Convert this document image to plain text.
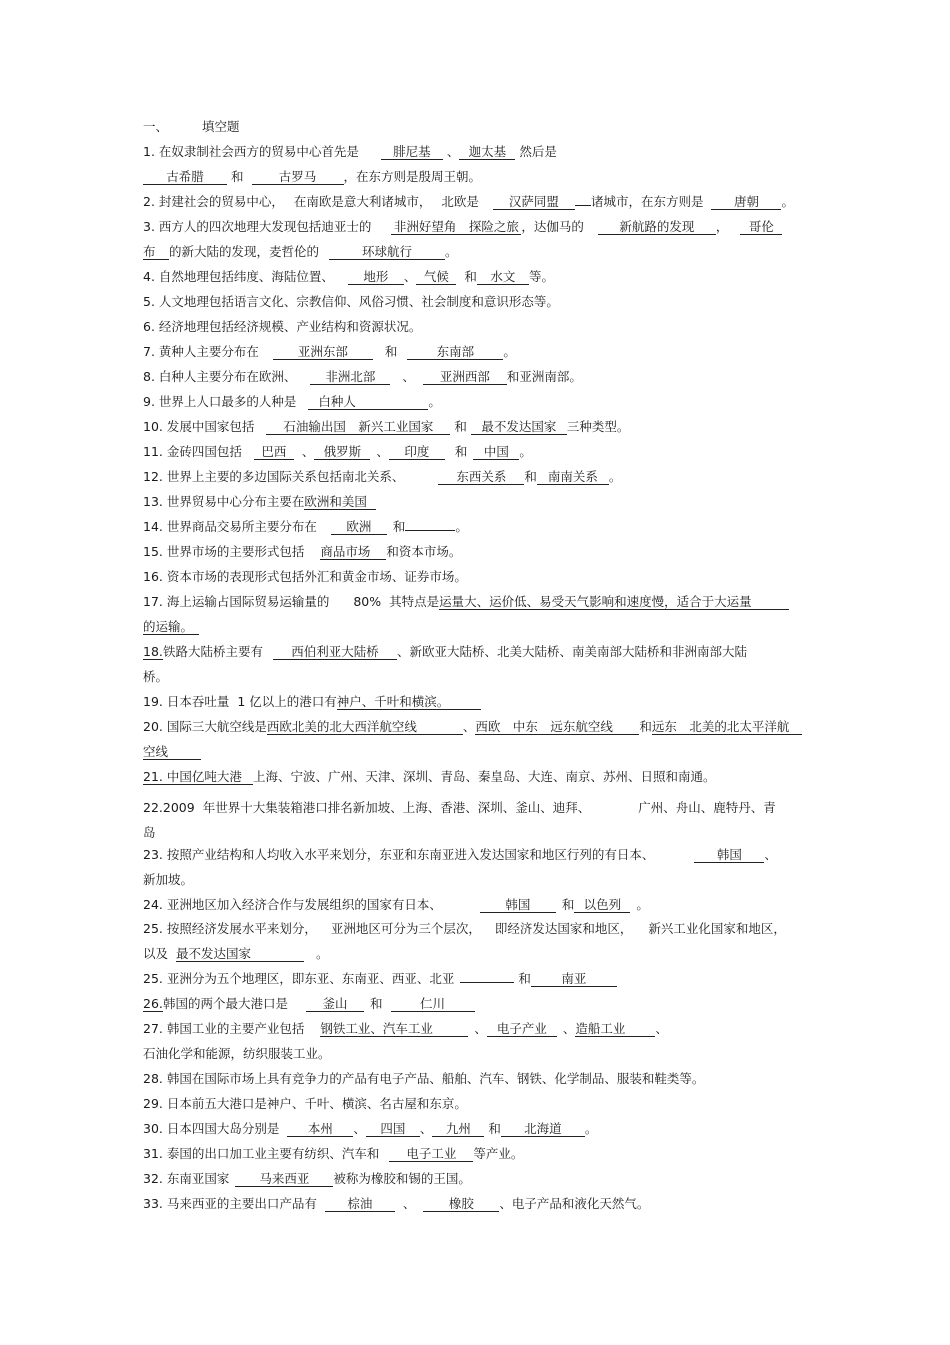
一、	填空题
1. 在奴隶制社会西方的贸易中心首先是	腓尼基 、 迦太基 然后是
古希腊 和	古罗马 ，在东方则是殷周王朝。
2. 封建社会的贸易中心， 在南欧是意大利诸城市， 北欧是 汉萨同盟	诸城市，在东方则是 唐朝 。
3. 西方人的四次地理大发现包括迪亚士的 非洲好望角　探险之旅 ，达伽马的	新航路的发现 ， 哥伦
布 的新大陆的发现，麦哲伦的	环球航行	。
4. 自然地理包括纬度、海陆位置、 地形 、 气候 和 水文 等。
5. 人文地理包括语言文化、宗教信仰、风俗习惯、社会制度和意识形态等。
6. 经济地理包括经济规模、产业结构和资源状况。
7. 黄种人主要分布在	亚洲东部	和	东南部 。
8. 白种人主要分布在欧洲、 非洲北部 、 亚洲西部 和亚洲南部。
9. 世界上人口最多的人种是 白种人	。
10. 发展中国家包括 石油输出国　新兴工业国家 和 最不发达国家 三种类型。
11. 金砖四国包括 巴西 、 俄罗斯 、 印度 和 中国 。
12. 世界上主要的多边国际关系包括南北关系、	东西关系 和 南南关系 。
13. 世界贸易中心分布主要在欧洲和美国
14. 世界商品交易所主要分布在 欧洲 和	。
15. 世界市场的主要形式包括 商品市场 和资本市场。
16. 资本市场的表现形式包括外汇和黄金市场、证券市场。
17. 海上运输占国际贸易运输量的 80% 其特点是运量大、运价低、易受天气影响和速度慢，适合于大运量
的运输。
18.铁路大陆桥主要有 西伯利亚大陆桥 、新欧亚大陆桥、北美大陆桥、南美南部大陆桥和非洲南部大陆
桥。
19. 日本吞吐量 1 亿以上的港口有神户、千叶和横滨。
20. 国际三大航空线是西欧北美的北大西洋航空线	、西欧　中东　远东航空线 和远东　北美的北太平洋航
空线
21. 中国亿吨大港 上海、宁波、广州、天津、深圳、青岛、秦皇岛、大连、南京、苏州、日照和南通。
22.2009 年世界十大集装箱港口排名新加坡、上海、香港、深圳、釜山、迪拜、	广州、舟山、鹿特丹、青
岛
23. 按照产业结构和人均收入水平来划分，东亚和东南亚进入发达国家和地区行列的有日本、	韩国 、
新加坡。
24. 亚洲地区加入经济合作与发展组织的国家有日本、	韩国	和 以色列 。
25. 按照经济发展水平来划分， 亚洲地区可分为三个层次， 即经济发达国家和地区， 新兴工业化国家和地区，
以及 最不发达国家	。
25. 亚洲分为五个地理区，即东亚、东南亚、西亚、北亚	和 南亚
26.韩国的两个最大港口是	釜山 和	仁川
27. 韩国工业的主要产业包括 钢铁工业、汽车工业	、 电子产业 、造船工业 、
石油化学和能源，纺织服装工业。
28. 韩国在国际市场上具有竞争力的产品有电子产品、船舶、汽车、钢铁、化学制品、服装和鞋类等。
29. 日本前五大港口是神户、千叶、横滨、名古屋和东京。
30. 日本四国大岛分别是 本州 、 四国 、 九州 和 北海道 。
31. 泰国的出口加工业主要有纺织、汽车和 电子工业 等产业。
32. 东南亚国家 马来西亚 被称为橡胶和锡的王国。
33. 马来西亚的主要出口产品有 棕油 、	橡胶 、电子产品和液化天然气。
